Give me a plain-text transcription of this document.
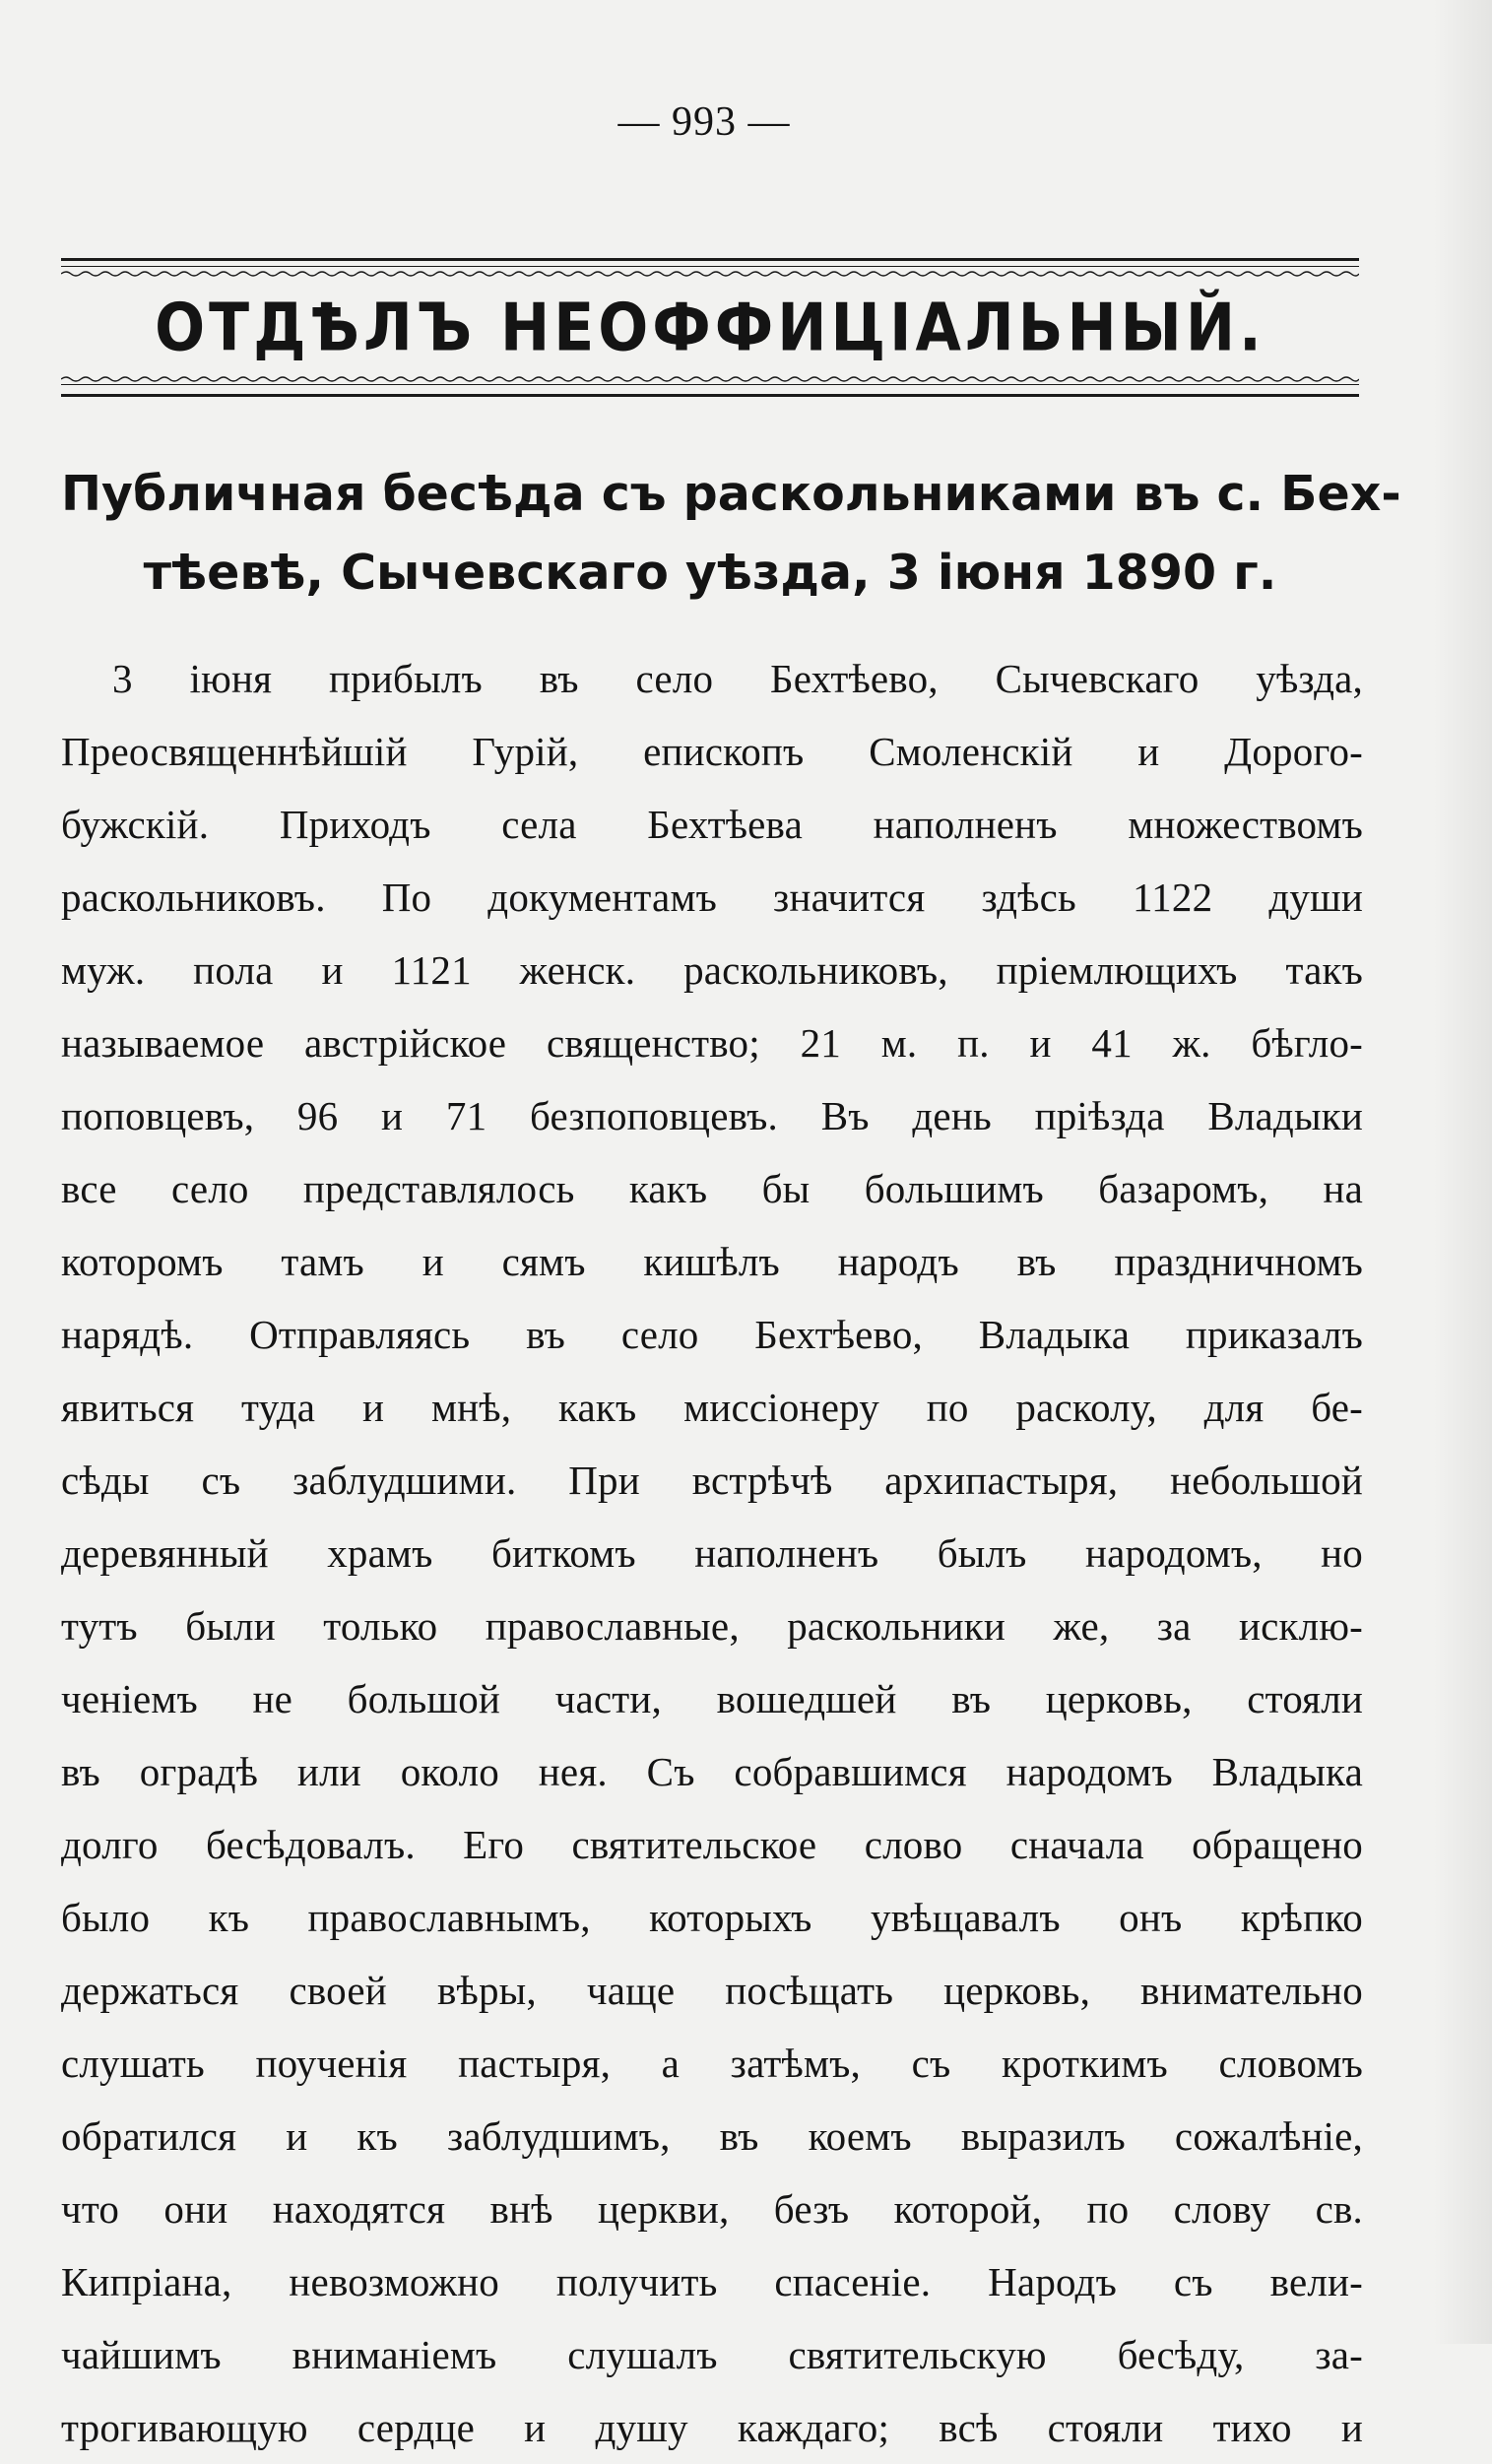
— 993 —
ОТДѢЛЪ НЕОФФИЦІАЛЬНЫЙ.
Публичная бесѣда съ раскольниками въ с. Бех-
тѣевѣ, Сычевскаго уѣзда, 3 іюня 1890 г.
3 іюня прибылъ въ село Бехтѣево, Сычевскаго уѣзда,
Преосвященнѣйшій Гурій, епископъ Смоленскій и Дорого-
бужскій. Приходъ села Бехтѣева наполненъ множествомъ
раскольниковъ. По документамъ значится здѣсь 1122 души
муж. пола и 1121 женск. раскольниковъ, пріемлющихъ такъ
называемое австрійское священство; 21 м. п. и 41 ж. бѣгло-
поповцевъ, 96 и 71 безпоповцевъ. Въ день пріѣзда Владыки
все село представлялось какъ бы большимъ базаромъ, на
которомъ тамъ и сямъ кишѣлъ народъ въ праздничномъ
нарядѣ. Отправляясь въ село Бехтѣево, Владыка приказалъ
явиться туда и мнѣ, какъ миссіонеру по расколу, для бе-
сѣды съ заблудшими. При встрѣчѣ архипастыря, небольшой
деревянный храмъ биткомъ наполненъ былъ народомъ, но
тутъ были только православные, раскольники же, за исклю-
ченіемъ не большой части, вошедшей въ церковь, стояли
въ оградѣ или около нея. Съ собравшимся народомъ Владыка
долго бесѣдовалъ. Его святительское слово сначала обращено
было къ православнымъ, которыхъ увѣщавалъ онъ крѣпко
держаться своей вѣры, чаще посѣщать церковь, внимательно
слушать поученія пастыря, а затѣмъ, съ кроткимъ словомъ
обратился и къ заблудшимъ, въ коемъ выразилъ сожалѣніе,
что они находятся внѣ церкви, безъ которой, по слову св.
Кипріана, невозможно получить спасеніе. Народъ съ вели-
чайшимъ вниманіемъ слушалъ святительскую бесѣду, за-
трогивающую сердце и душу каждаго; всѣ стояли тихо и
